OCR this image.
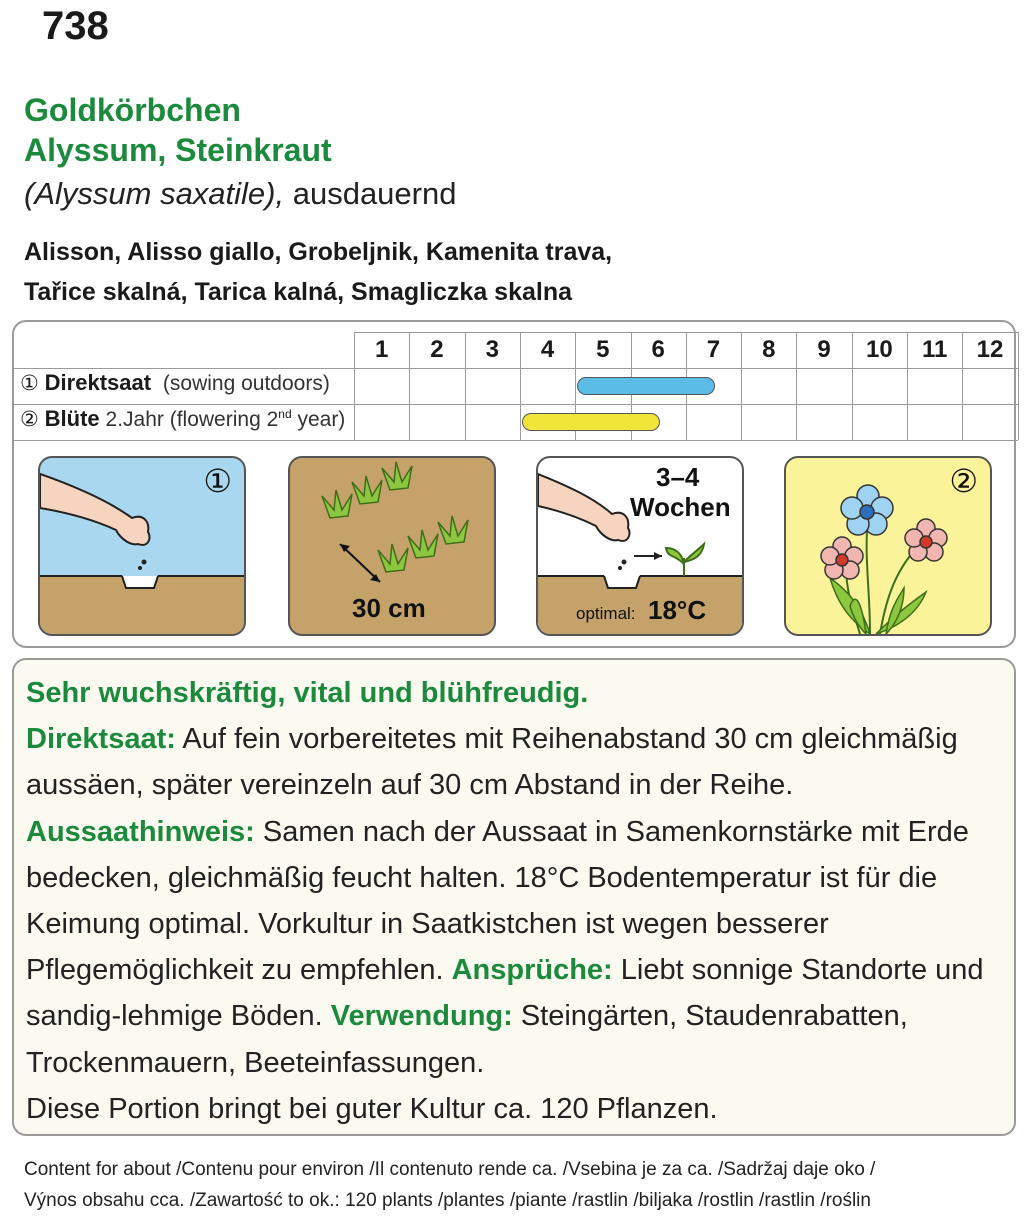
738
Goldkörbchen
Alyssum, Steinkraut
(Alyssum saxatile), ausdauernd
Alisson, Alisso giallo, Grobeljnik, Kamenita trava,
Tařice skalná, Tarica kalná, Smagliczka skalna
1	2	3	4	5	6	7	8	9	10	11	12
① Direktsaat (sowing outdoors)
② Blüte 2.Jahr (flowering 2nd year)
①
30 cm
3–4
Wochen
optimal: 18°C
②
Sehr wuchskräftig, vital und blühfreudig.
Direktsaat: Auf fein vorbereitetes mit Reihenabstand 30 cm gleichmäßig aussäen, später vereinzeln auf 30 cm Abstand in der Reihe.
Aussaathinweis: Samen nach der Aussaat in Samenkornstärke mit Erde bedecken, gleichmäßig feucht halten. 18°C Bodentemperatur ist für die Keimung optimal. Vorkultur in Saatkistchen ist wegen besserer Pflegemöglichkeit zu empfehlen. Ansprüche: Liebt sonnige Standorte und sandig-lehmige Böden. Verwendung: Steingärten, Staudenrabatten, Trockenmauern, Beeteinfassungen.
Diese Portion bringt bei guter Kultur ca. 120 Pflanzen.
Content for about /Contenu pour environ /Il contenuto rende ca. /Vsebina je za ca. /Sadržaj daje oko /
Výnos obsahu cca. /Zawartość to ok.: 120 plants /plantes /piante /rastlin /biljaka /rostlin /rastlin /roślin
